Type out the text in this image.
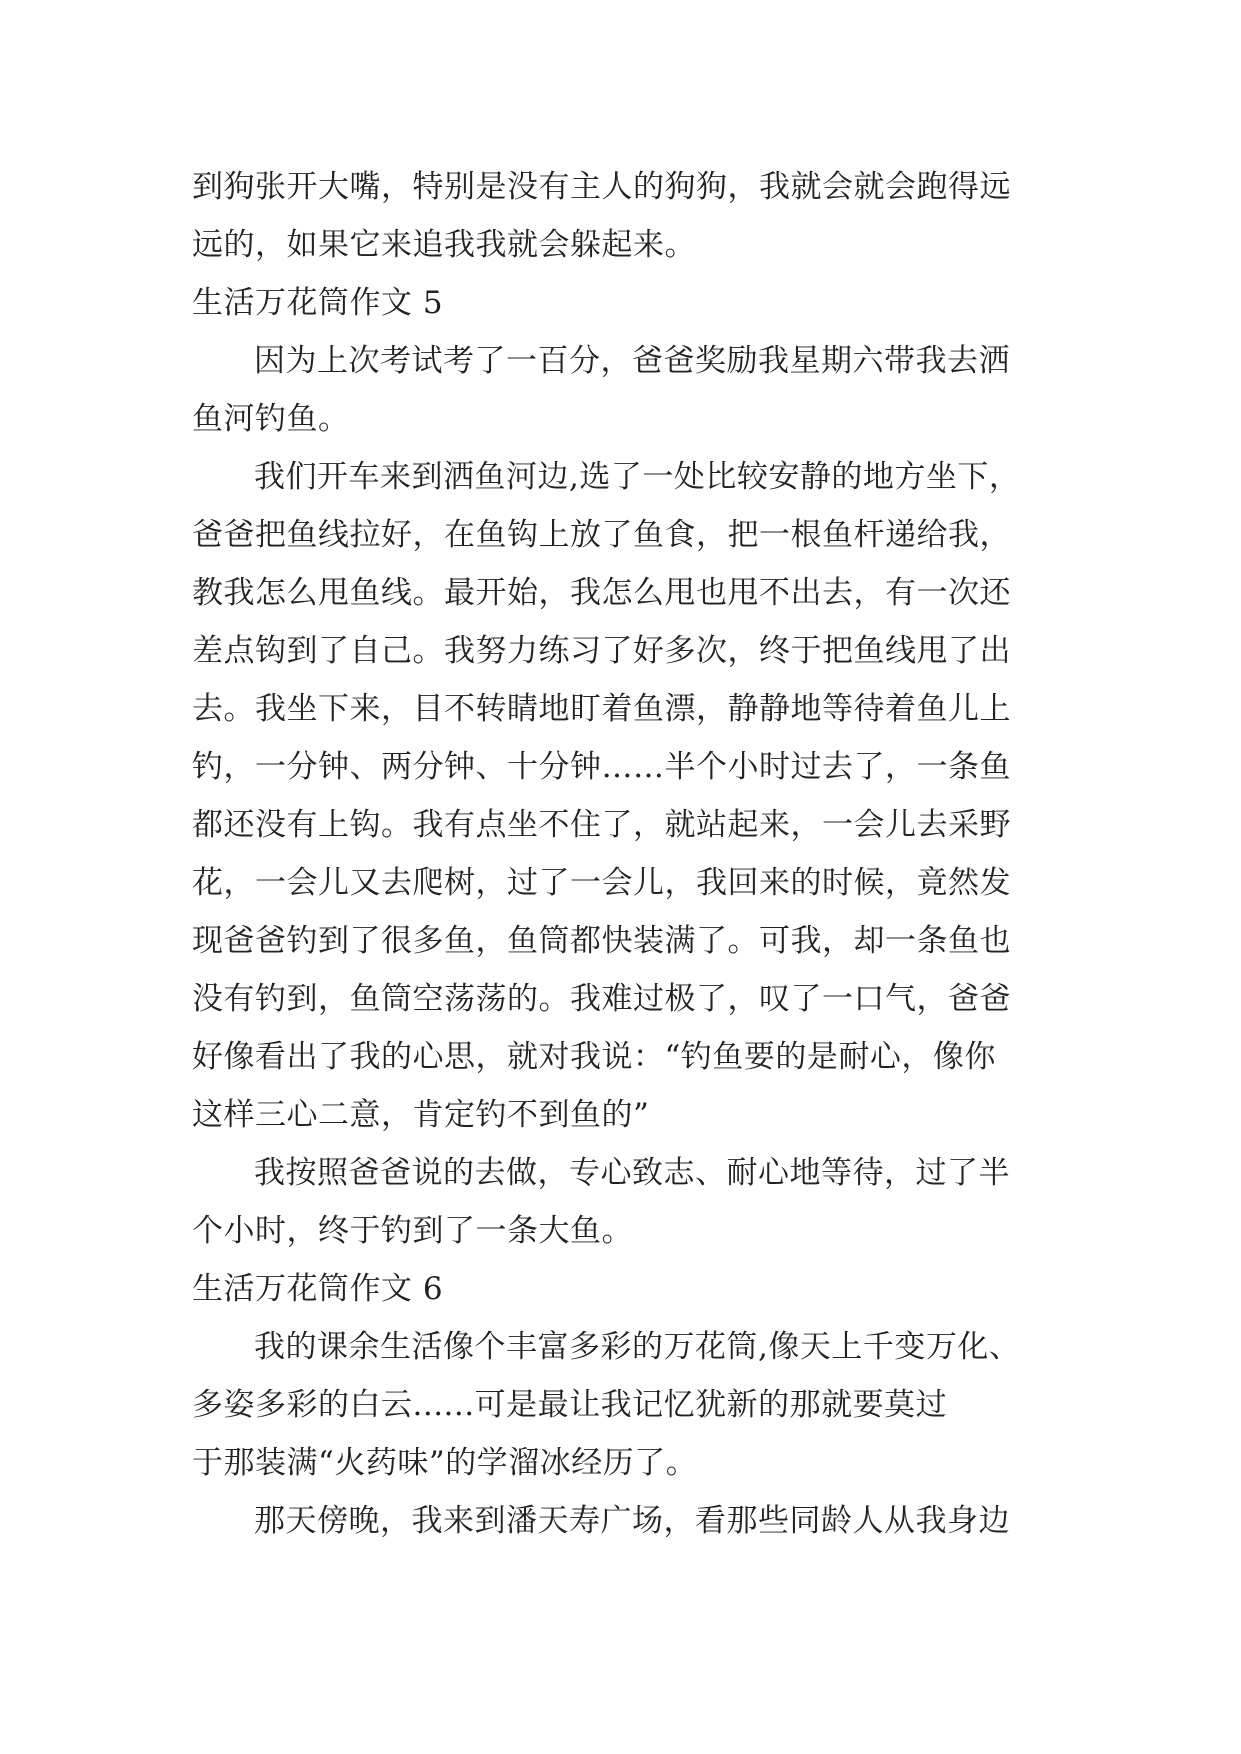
到狗张开大嘴，特别是没有主人的狗狗，我就会就会跑得远
远的，如果它来追我我就会躲起来。
生活万花筒作文 5
因为上次考试考了一百分，爸爸奖励我星期六带我去洒
鱼河钓鱼。
我们开车来到洒鱼河边,选了一处比较安静的地方坐下，
爸爸把鱼线拉好，在鱼钩上放了鱼食，把一根鱼杆递给我，
教我怎么甩鱼线。最开始，我怎么甩也甩不出去，有一次还
差点钩到了自己。我努力练习了好多次，终于把鱼线甩了出
去。我坐下来，目不转睛地盯着鱼漂，静静地等待着鱼儿上
钓，一分钟、两分钟、十分钟……半个小时过去了，一条鱼
都还没有上钩。我有点坐不住了，就站起来，一会儿去采野
花，一会儿又去爬树，过了一会儿，我回来的时候，竟然发
现爸爸钓到了很多鱼，鱼筒都快装满了。可我，却一条鱼也
没有钓到，鱼筒空荡荡的。我难过极了，叹了一口气，爸爸
好像看出了我的心思，就对我说：“钓鱼要的是耐心，像你
这样三心二意，肯定钓不到鱼的”
我按照爸爸说的去做，专心致志、耐心地等待，过了半
个小时，终于钓到了一条大鱼。
生活万花筒作文 6
我的课余生活像个丰富多彩的万花筒,像天上千变万化、
多姿多彩的白云......可是最让我记忆犹新的那就要莫过
于那装满“火药味”的学溜冰经历了。
那天傍晚，我来到潘天寿广场，看那些同龄人从我身边
